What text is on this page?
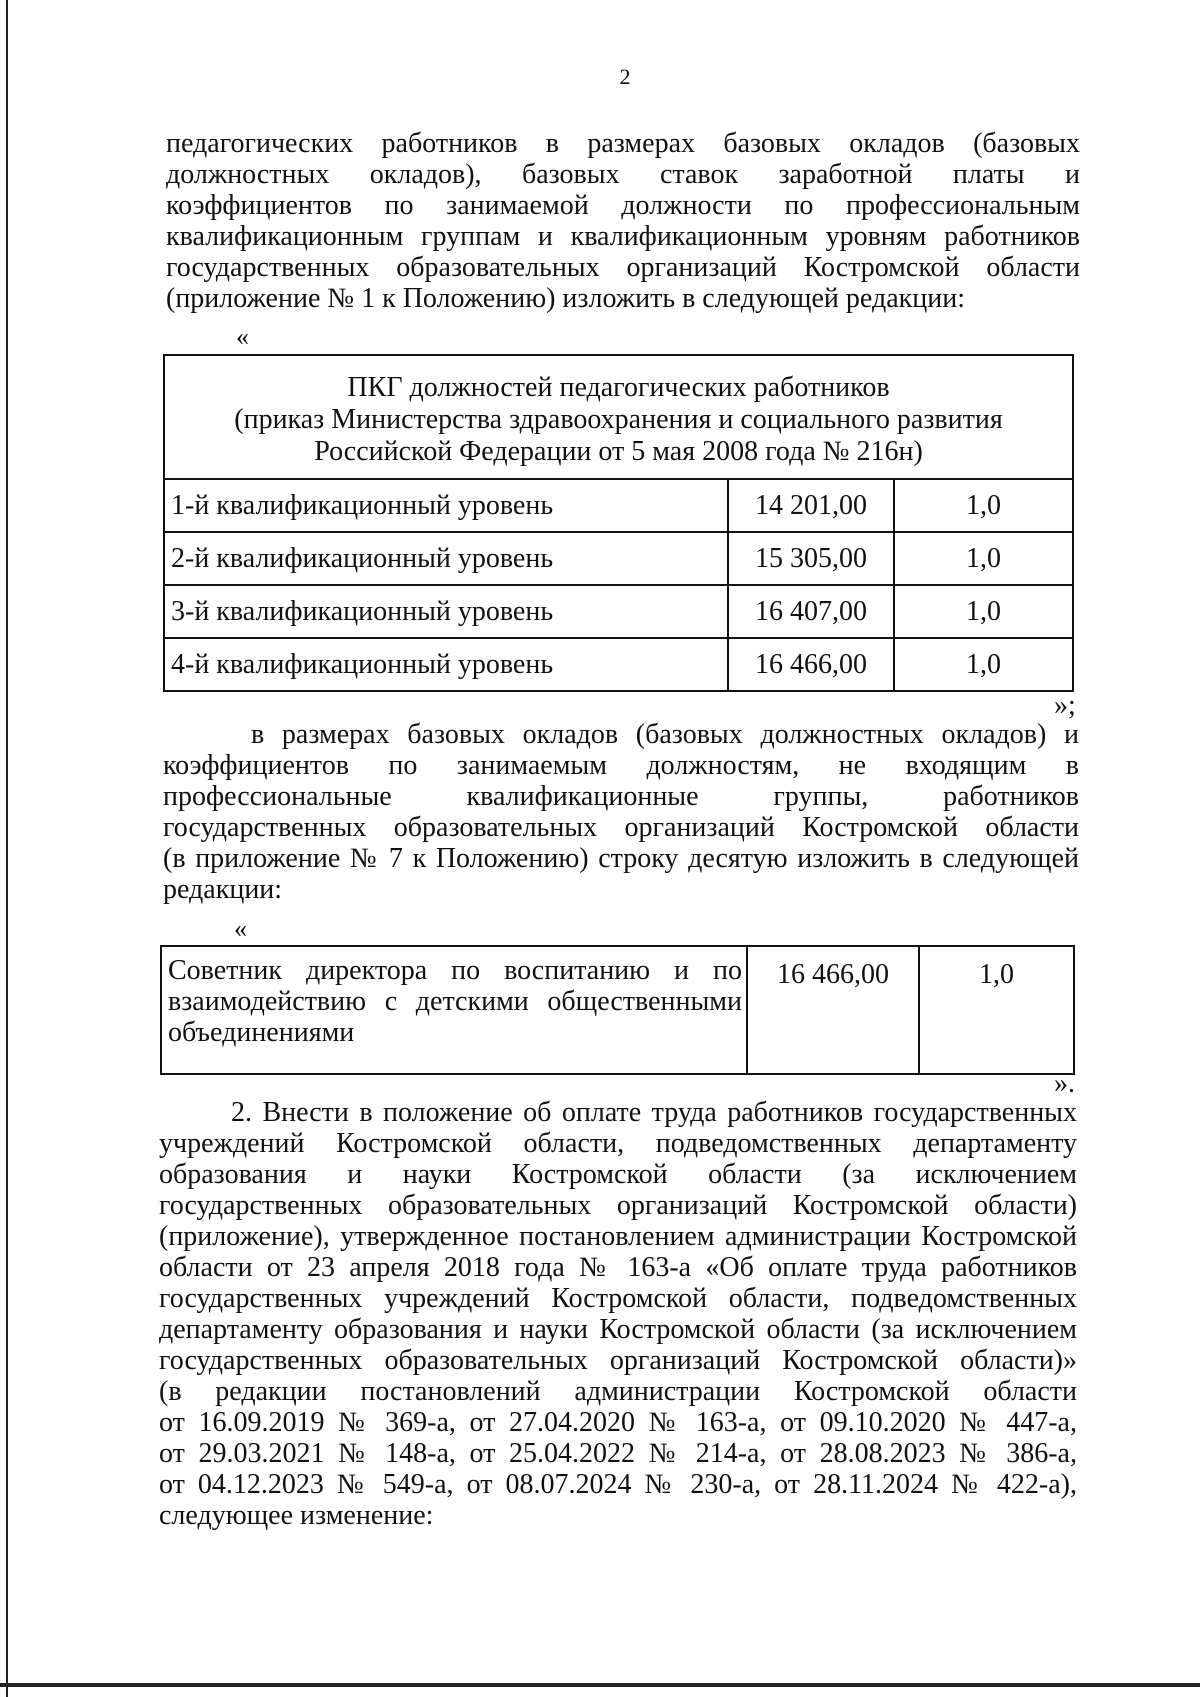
2
педагогических работников в размерах базовых окладов (базовых
должностных окладов), базовых ставок заработной платы и
коэффициентов по занимаемой должности по профессиональным
квалификационным группам и квалификационным уровням работников
государственных образовательных организаций Костромской области
(приложение № 1 к Положению) изложить в следующей редакции:
«
ПКГ должностей педагогических работников
(приказ Министерства здравоохранения и социального развития
Российской Федерации от 5 мая 2008 года № 216н)		

1-й квалификационный уровень	14 201,00	1,0
2-й квалификационный уровень	15 305,00	1,0
3-й квалификационный уровень	16 407,00	1,0
4-й квалификационный уровень	16 466,00	1,0
»;
в размерах базовых окладов (базовых должностных окладов) и
коэффициентов по занимаемым должностям, не входящим в
профессиональные квалификационные группы, работников
государственных образовательных организаций Костромской области
(в приложение № 7 к Положению) строку десятую изложить в следующей
редакции:
«
Советник директора по воспитанию и по
взаимодействию с детскими общественными
объединениями
	16 466,00	1,0
».
2. Внести в положение об оплате труда работников государственных
учреждений Костромской области, подведомственных департаменту
образования и науки Костромской области (за исключением
государственных образовательных организаций Костромской области)
(приложение), утвержденное постановлением администрации Костромской
области от 23 апреля 2018 года № 163-а «Об оплате труда работников
государственных учреждений Костромской области, подведомственных
департаменту образования и науки Костромской области (за исключением
государственных образовательных организаций Костромской области)»
(в редакции постановлений администрации Костромской области
от 16.09.2019 № 369-а, от 27.04.2020 № 163-а, от 09.10.2020 № 447-а,
от 29.03.2021 № 148-а, от 25.04.2022 № 214-а, от 28.08.2023 № 386-а,
от 04.12.2023 № 549-а, от 08.07.2024 № 230-а, от 28.11.2024 № 422-а),
следующее изменение:
